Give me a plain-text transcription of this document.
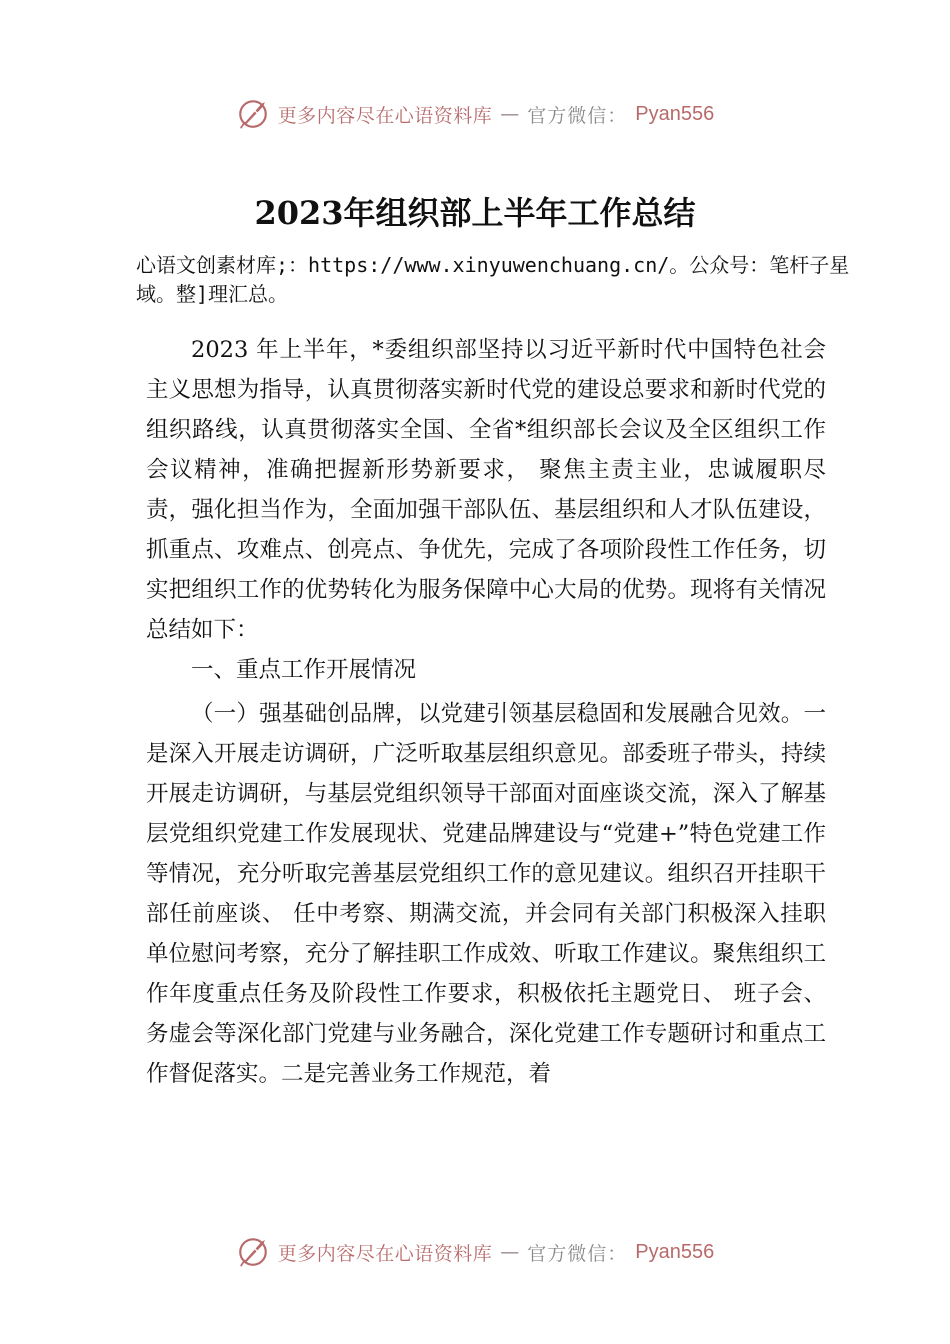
更多内容尽在心语资料库 — 官方微信： Pyan556
2023年组织部上半年工作总结

心语文创素材库;：https://www.xinyuwenchuang.cn/。公众号：笔杆子星域。整]理汇总。

2023 年上半年，*委组织部坚持以习近平新时代中国特色社会主义思想为指导，认真贯彻落实新时代党的建设总要求和新时代党的组织路线，认真贯彻落实全国、全省*组织部长会议及全区组织工作会议精神，准确把握新形势新要求， 聚焦主责主业，忠诚履职尽责，强化担当作为，全面加强干部队伍、基层组织和人才队伍建设，抓重点、攻难点、创亮点、争优先，完成了各项阶段性工作任务，切实把组织工作的优势转化为服务保障中心大局的优势。现将有关情况总结如下：

一、重点工作开展情况

（一）强基础创品牌，以党建引领基层稳固和发展融合见效。一是深入开展走访调研，广泛听取基层组织意见。部委班子带头，持续开展走访调研，与基层党组织领导干部面对面座谈交流，深入了解基层党组织党建工作发展现状、党建品牌建设与“党建+”特色党建工作等情况，充分听取完善基层党组织工作的意见建议。组织召开挂职干部任前座谈、 任中考察、期满交流，并会同有关部门积极深入挂职单位慰问考察，充分了解挂职工作成效、听取工作建议。聚焦组织工作年度重点任务及阶段性工作要求，积极依托主题党日、 班子会、务虚会等深化部门党建与业务融合，深化党建工作专题研讨和重点工作督促落实。二是完善业务工作规范，着

更多内容尽在心语资料库 — 官方微信： Pyan556
